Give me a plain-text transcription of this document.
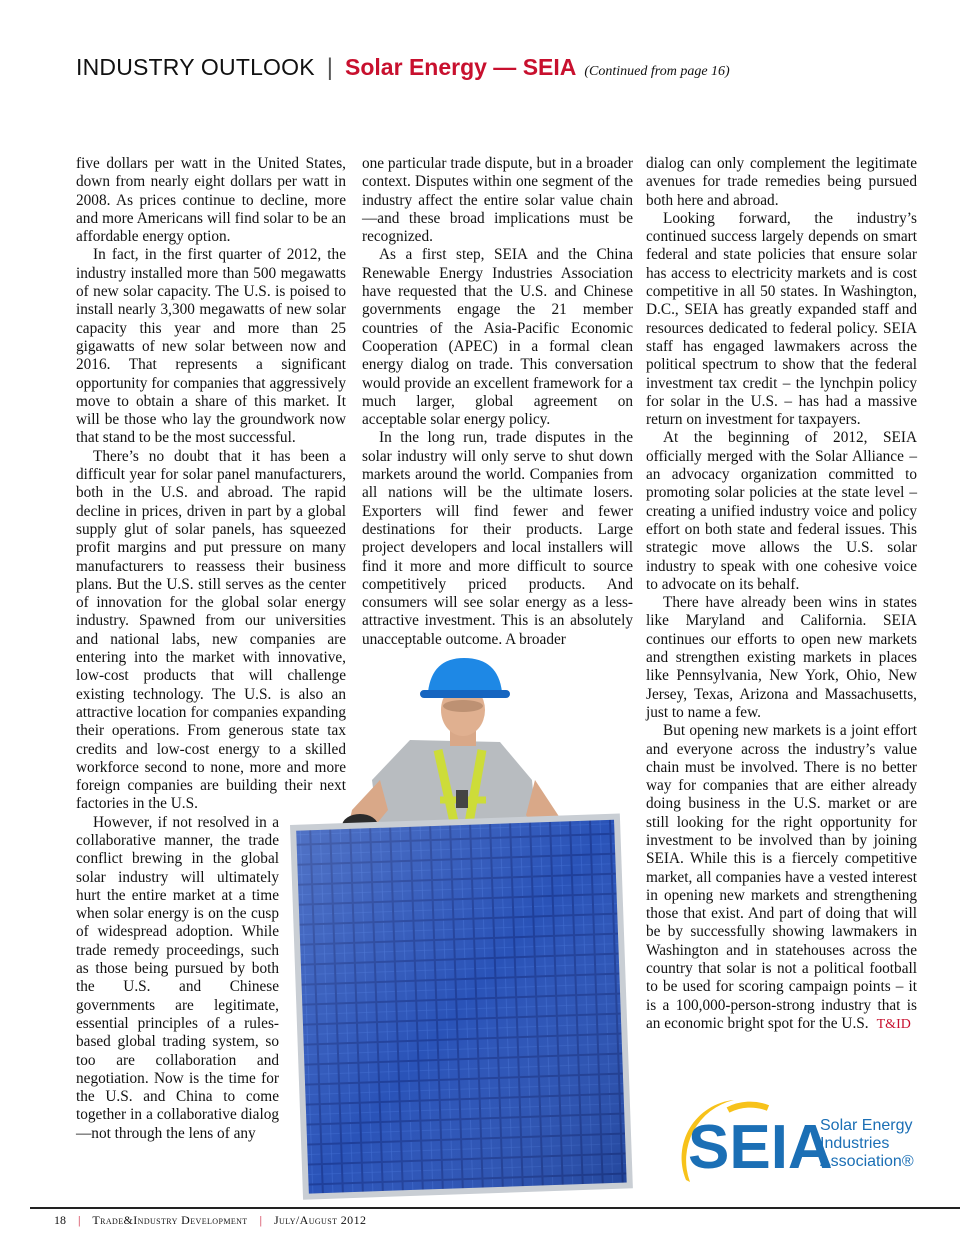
INDUSTRY OUTLOOK | Solar Energy — SEIA (Continued from page 16)

five dollars per watt in the United States, down from nearly eight dollars per watt in 2008. As prices continue to decline, more and more Americans will find solar to be an affordable energy option.

In fact, in the first quarter of 2012, the industry installed more than 500 megawatts of new solar capacity. The U.S. is poised to install nearly 3,300 megawatts of new solar capacity this year and more than 25 gigawatts of new solar between now and 2016. That represents a significant opportunity for companies that aggressively move to obtain a share of this market. It will be those who lay the groundwork now that stand to be the most successful.

There’s no doubt that it has been a difficult year for solar panel manufacturers, both in the U.S. and abroad. The rapid decline in prices, driven in part by a global supply glut of solar panels, has squeezed profit margins and put pressure on many manufacturers to reassess their business plans. But the U.S. still serves as the center of innovation for the global solar energy industry. Spawned from our universities and national labs, new companies are entering into the market with innovative, low-cost products that will challenge existing technology. The U.S. is also an attractive location for companies expanding their operations. From generous state tax credits and low-cost energy to a skilled workforce second to none, more and more foreign companies are building their next factories in the U.S.

However, if not resolved in a collaborative manner, the trade conflict brewing in the global solar industry will ultimately hurt the entire market at a time when solar energy is on the cusp of widespread adoption. While trade remedy proceedings, such as those being pursued by both the U.S. and Chinese governments are legitimate, essential principles of a rules-based global trading system, so too are collaboration and negotiation. Now is the time for the U.S. and China to come together in a collaborative dialog—not through the lens of any

one particular trade dispute, but in a broader context. Disputes within one segment of the industry affect the entire solar value chain—and these broad implications must be recognized.

As a first step, SEIA and the China Renewable Energy Industries Association have requested that the U.S. and Chinese governments engage the 21 member countries of the Asia-Pacific Economic Cooperation (APEC) in a formal clean energy dialog on trade. This conversation would provide an excellent framework for a much larger, global agreement on acceptable solar energy policy.

In the long run, trade disputes in the solar industry will only serve to shut down markets around the world. Companies from all nations will be the ultimate losers. Exporters will find fewer and fewer destinations for their products. Large project developers and local installers will find it more and more difficult to source competitively priced products. And consumers will see solar energy as a less-attractive investment. This is an absolutely unacceptable outcome. A broader

dialog can only complement the legitimate avenues for trade remedies being pursued both here and abroad.

Looking forward, the industry’s continued success largely depends on smart federal and state policies that ensure solar has access to electricity markets and is cost competitive in all 50 states. In Washington, D.C., SEIA has greatly expanded staff and resources dedicated to federal policy. SEIA staff has engaged lawmakers across the political spectrum to show that the federal investment tax credit – the lynchpin policy for solar in the U.S. – has had a massive return on investment for taxpayers.

At the beginning of 2012, SEIA officially merged with the Solar Alliance – an advocacy organization committed to promoting solar policies at the state level – creating a unified industry voice and policy effort on both state and federal issues. This strategic move allows the U.S. solar industry to speak with one cohesive voice to advocate on its behalf.

There have already been wins in states like Maryland and California. SEIA continues our efforts to open new markets and strengthen existing markets in places like Pennsylvania, New York, Ohio, New Jersey, Texas, Arizona and Massachusetts, just to name a few.

But opening new markets is a joint effort and everyone across the industry’s value chain must be involved. There is no better way for companies that are either already doing business in the U.S. market or are still looking for the right opportunity for investment to be involved than by joining SEIA. While this is a fiercely competitive market, all companies have a vested interest in opening new markets and strengthening those that exist. And part of doing that will be by successfully showing lawmakers in Washington and in statehouses across the country that solar is not a political football to be used for scoring campaign points – it is a 100,000-person-strong industry that is an economic bright spot for the U.S. T&ID

SEIA
Solar Energy
Industries
Association®
18 | Trade&Industry Development | July/August 2012
